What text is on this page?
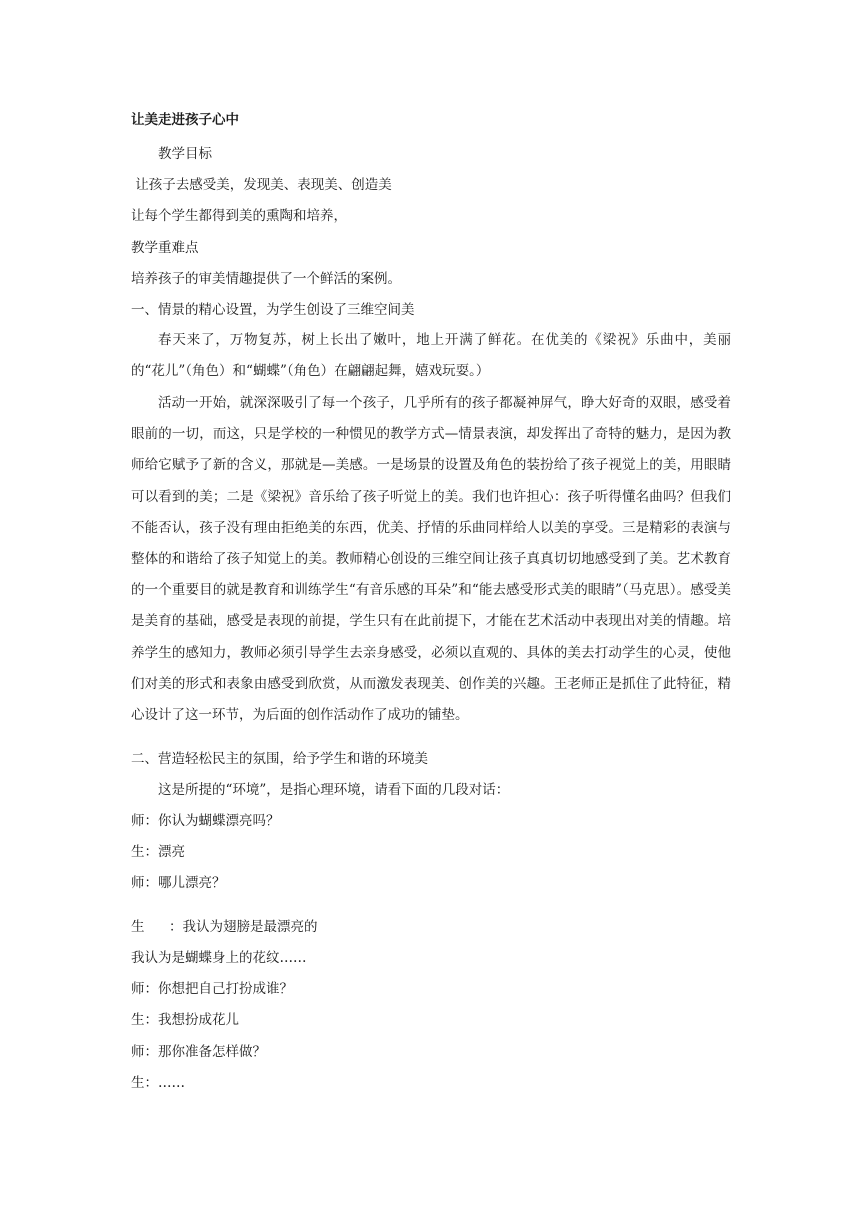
让美走进孩子心中
教学目标
让孩子去感受美，发现美、表现美、创造美
让每个学生都得到美的熏陶和培养，
教学重难点
培养孩子的审美情趣提供了一个鲜活的案例。
一、情景的精心设置，为学生创设了三维空间美

春天来了，万物复苏，树上长出了嫩叶，地上开满了鲜花。在优美的《梁祝》乐曲中，美丽的“花儿”（角色）和“蝴蝶”（角色）在翩翩起舞，嬉戏玩耍。）

活动一开始，就深深吸引了每一个孩子，几乎所有的孩子都凝神屏气，睁大好奇的双眼，感受着眼前的一切，而这，只是学校的一种惯见的教学方式—情景表演，却发挥出了奇特的魅力，是因为教师给它赋予了新的含义，那就是—美感。一是场景的设置及角色的装扮给了孩子视觉上的美，用眼睛可以看到的美；二是《梁祝》音乐给了孩子听觉上的美。我们也许担心：孩子听得懂名曲吗？但我们不能否认，孩子没有理由拒绝美的东西，优美、抒情的乐曲同样给人以美的享受。三是精彩的表演与整体的和谐给了孩子知觉上的美。教师精心创设的三维空间让孩子真真切切地感受到了美。艺术教育的一个重要目的就是教育和训练学生“有音乐感的耳朵”和“能去感受形式美的眼睛”（马克思）。感受美是美育的基础，感受是表现的前提，学生只有在此前提下，才能在艺术活动中表现出对美的情趣。培养学生的感知力，教师必须引导学生去亲身感受，必须以直观的、具体的美去打动学生的心灵，使他们对美的形式和表象由感受到欣赏，从而激发表现美、创作美的兴趣。王老师正是抓住了此特征，精心设计了这一环节，为后面的创作活动作了成功的铺垫。

二、营造轻松民主的氛围，给予学生和谐的环境美
这是所提的“环境”，是指心理环境，请看下面的几段对话：
师：你认为蝴蝶漂亮吗？
生：漂亮
师：哪儿漂亮？
生 ：我认为翅膀是最漂亮的
我认为是蝴蝶身上的花纹……
师：你想把自己打扮成谁？
生：我想扮成花儿
师：那你准备怎样做？
生：……
